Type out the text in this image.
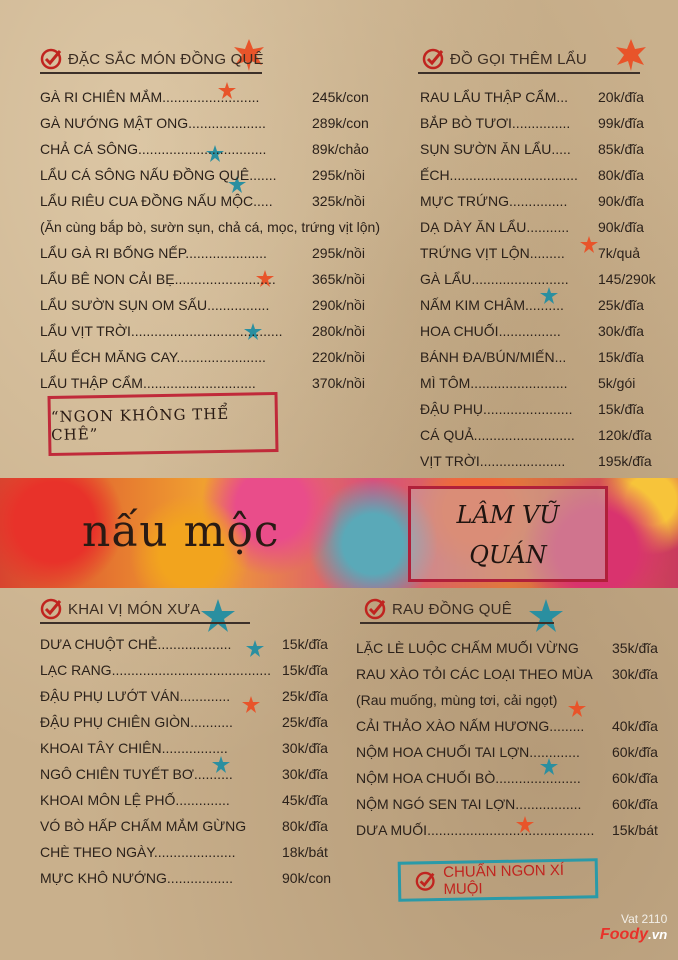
ĐẶC SẮC MÓN ĐỒNG QUÊ
GÀ RI CHIÊN MẮM.........................	245k/con
GÀ NƯỚNG MẬT ONG....................	289k/con
CHẢ CÁ SÔNG.................................	89k/chảo
LẨU CÁ SÔNG NẤU ĐỒNG QUÊ.......	295k/nồi
LẨU RIÊU CUA ĐỒNG NẤU MỘC.....	325k/nồi
(Ăn cùng bắp bò, sườn sụn, chả cá, mọc, trứng vịt lộn)
LẨU GÀ RI BỐNG NẾP.....................	295k/nồi
LẨU BÊ NON CẢI BẸ..........................	365k/nồi
LẨU SƯỜN SỤN OM SẤU................	290k/nồi
LẨU VỊT TRỜI....................................... 280k/nồi
LẨU ẾCH MĂNG CAY.......................	220k/nồi
LẨU THẬP CẨM.............................	370k/nồi
“NGON KHÔNG THỂ CHÊ”
ĐỒ GỌI THÊM LẨU
RAU LẨU THẬP CẨM... 20k/đĩa
BẮP BÒ TƯƠI............... 99k/đĩa
SỤN SƯỜN ĂN LẨU..... 85k/đĩa
ẾCH................................. 80k/đĩa
MỰC TRỨNG............... 90k/đĩa
DẠ DÀY ĂN LẨU........... 90k/đĩa
TRỨNG VỊT LỘN......... 7k/quả
GÀ LẨU......................... 145/290k
NẤM KIM CHÂM.......... 25k/đĩa
HOA CHUỐI................	30k/đĩa
BÁNH ĐA/BÚN/MIẾN... 15k/đĩa
MÌ TÔM......................... 5k/gói
ĐẬU PHỤ....................... 15k/đĩa
CÁ QUẢ.......................... 120k/đĩa
VỊT TRỜI...................... 195k/đĩa
nấu mộc	LÂM VŨ
QUÁN
KHAI VỊ MÓN XƯA
DƯA CHUỘT CHẺ...................	15k/đĩa
LẠC RANG......................................... 15k/đĩa
ĐẬU PHỤ LƯỚT VÁN.............	25k/đĩa
ĐẬU PHỤ CHIÊN GIÒN...........	25k/đĩa
KHOAI TÂY CHIÊN.................	30k/đĩa
NGÔ CHIÊN TUYẾT BƠ..........	30k/đĩa
KHOAI MÔN LỆ PHỐ..............	45k/đĩa
VÓ BÒ HẤP CHẤM MẮM GỪNG	80k/đĩa
CHÈ THEO NGÀY.....................	18k/bát
MỰC KHÔ NƯỚNG.................	90k/con
RAU ĐỒNG QUÊ
LẶC LÈ LUỘC CHẤM MUỐI VỪNG 35k/đĩa
RAU XÀO TỎI CÁC LOẠI THEO MÙA 30k/đĩa
(Rau muống, mùng tơi, cải ngọt)
CẢI THẢO XÀO NẤM HƯƠNG......... 40k/đĩa
NỘM HOA CHUỐI TAI LỢN............. 60k/đĩa
NỘM HOA CHUỐI BÒ...................... 60k/đĩa
NỘM NGÓ SEN TAI LỢN................. 60k/đĩa
DƯA MUỐI........................................... 15k/bát
CHUẨN NGON XÍ MUỘI
Vat 2110
Foody.vn
